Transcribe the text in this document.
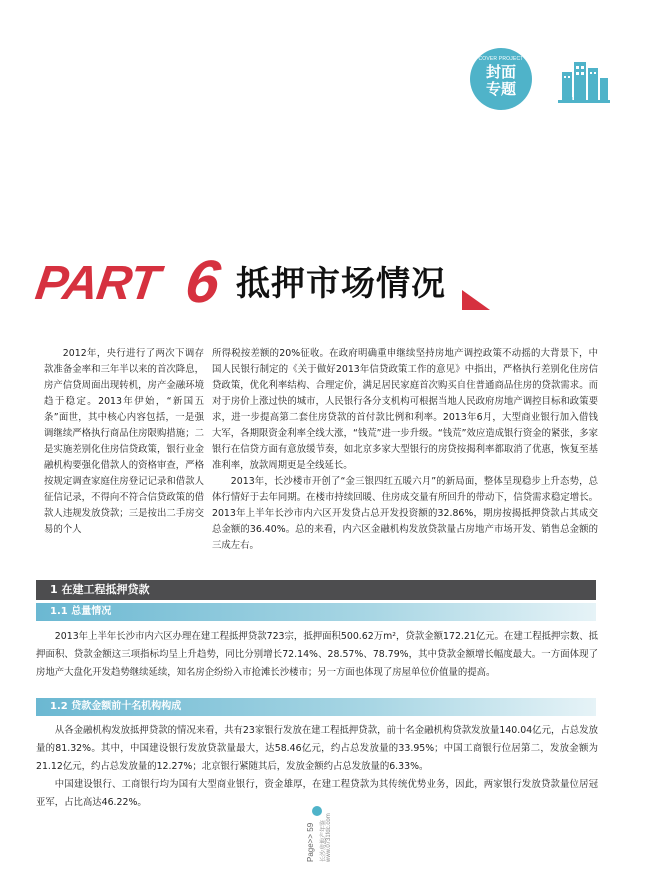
COVER PROJECT
封面
专题
2013
PART 6 抵押市场情况

2012年，央行进行了两次下调存款准备金率和三年半以来的首次降息，房产信贷周面出现转机，房产金融环境趋于稳定。2013年伊始，“新国五条”面世，其中核心内容包括，一是强调继续严格执行商品住房限购措施；二是实施差别化住房信贷政策，银行业金融机构要强化借款人的资格审查，严格按规定调查家庭住房登记记录和借款人征信记录，不得向不符合信贷政策的借款人违规发放贷款；三是按出二手房交易的个人

所得税按差额的20%征收。在政府明确重申继续坚持房地产调控政策不动摇的大背景下，中国人民银行制定的《关于做好2013年信贷政策工作的意见》中指出，严格执行差别化住房信贷政策，优化利率结构、合理定价，满足居民家庭首次购买自住普通商品住房的贷款需求。而对于房价上涨过快的城市，人民银行各分支机构可根据当地人民政府房地产调控目标和政策要求，进一步提高第二套住房贷款的首付款比例和利率。2013年6月，大型商业银行加入借钱大军，各期限资金利率全线大涨，“钱荒”进一步升级。“钱荒”效应造成银行资金的紧张，多家银行在信贷方面有意放缓节奏，如北京多家大型银行的房贷按揭利率都取消了优惠，恢复至基准利率，放款周期更是全线延长。

2013年，长沙楼市开创了“金三银四红五暖六月”的新局面，整体呈现稳步上升态势，总体行情好于去年同期。在楼市持续回暖、住房成交量有所回升的带动下，信贷需求稳定增长。2013年上半年长沙市内六区开发贷占总开发投资额的32.86%，期房按揭抵押贷款占其成交总金额的36.40%。总的来看，内六区金融机构发放贷款量占房地产市场开发、销售总金额的三成左右。

1 在建工程抵押贷款
1.1 总量情况

2013年上半年长沙市内六区办理在建工程抵押贷款723宗，抵押面积500.62万m²，贷款金额172.21亿元。在建工程抵押宗数、抵押面积、贷款金额这三项指标均呈上升趋势，同比分别增长72.14%、28.57%、78.79%，其中贷款金额增长幅度最大。一方面体现了房地产大盘化开发趋势继续延续，知名房企纷纷入市抢滩长沙楼市；另一方面也体现了房屋单位价值量的提高。

1.2 贷款金额前十名机构构成

从各金融机构发放抵押贷款的情况来看，共有23家银行发放在建工程抵押贷款，前十名金融机构贷款发放量140.04亿元，占总发放量的81.32%。其中，中国建设银行发放贷款量最大，达58.46亿元，约占总发放量的33.95%；中国工商银行位居第二，发放金额为21.12亿元，约占总发放量的12.27%；北京银行紧随其后，发放金额约占总发放量的6.33%。

中国建设银行、工商银行均为国有大型商业银行，资金雄厚，在建工程贷款为其传统优势业务，因此，两家银行发放贷款量位居冠亚军，占比高达46.22%。

Page>> 59	长沙房地产年鉴 www.0731fdc.com
